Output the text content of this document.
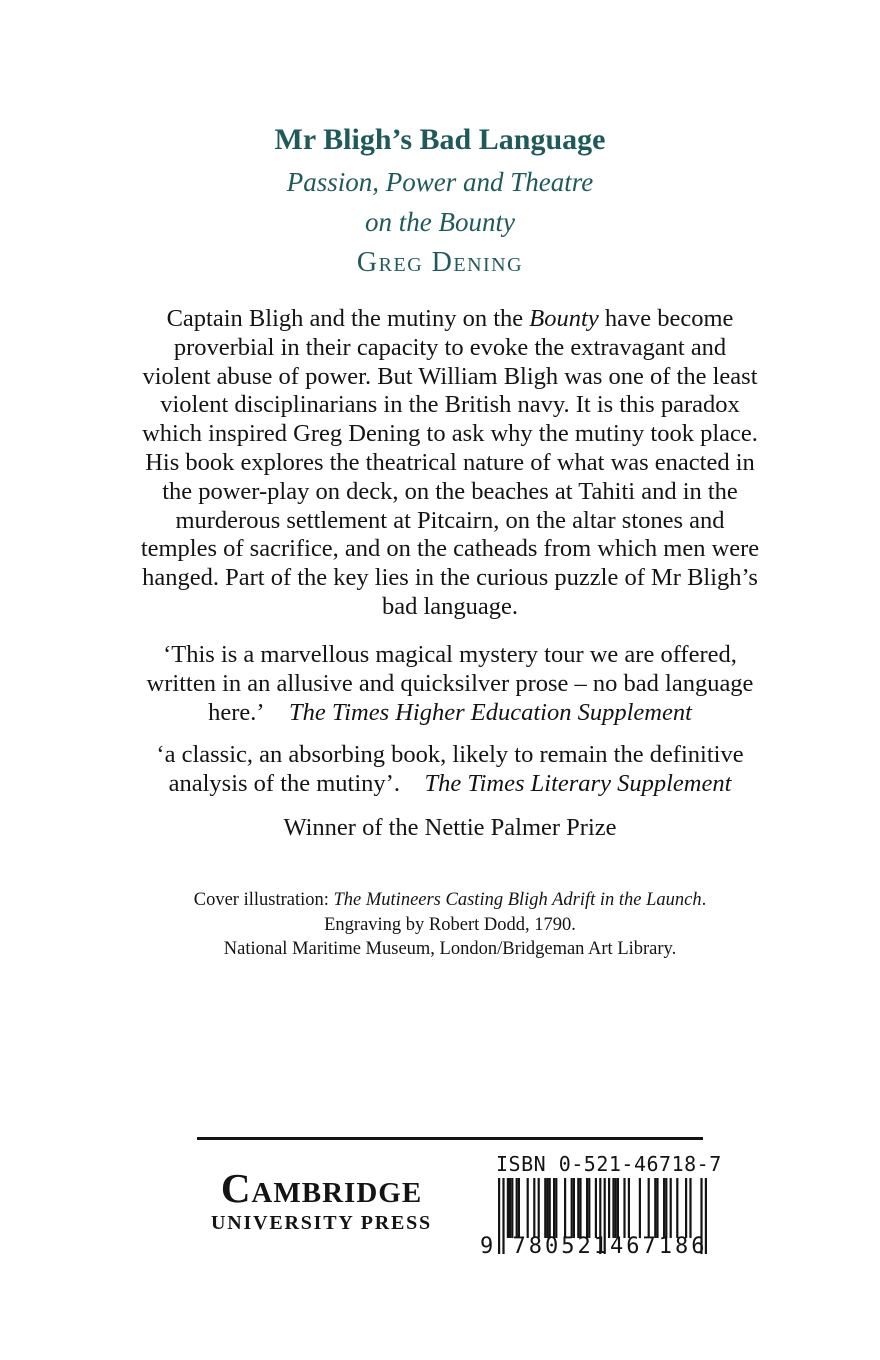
Mr Bligh’s Bad Language

Passion, Power and Theatre

on the Bounty

Greg Dening

Captain Bligh and the mutiny on the Bounty have become proverbial in their capacity to evoke the extravagant and violent abuse of power. But William Bligh was one of the least violent disciplinarians in the British navy. It is this paradox which inspired Greg Dening to ask why the mutiny took place. His book explores the theatrical nature of what was enacted in the power-play on deck, on the beaches at Tahiti and in the murderous settlement at Pitcairn, on the altar stones and temples of sacrifice, and on the catheads from which men were hanged. Part of the key lies in the curious puzzle of Mr Bligh’s bad language.

‘This is a marvellous magical mystery tour we are offered, written in an allusive and quicksilver prose – no bad language here.’ The Times Higher Education Supplement

‘a classic, an absorbing book, likely to remain the definitive analysis of the mutiny’. The Times Literary Supplement

Winner of the Nettie Palmer Prize

Cover illustration: The Mutineers Casting Bligh Adrift in the Launch.
Engraving by Robert Dodd, 1790.
National Maritime Museum, London/Bridgeman Art Library.

Cambridge
UNIVERSITY PRESS
ISBN 0-521-46718-7
9 780521467186
